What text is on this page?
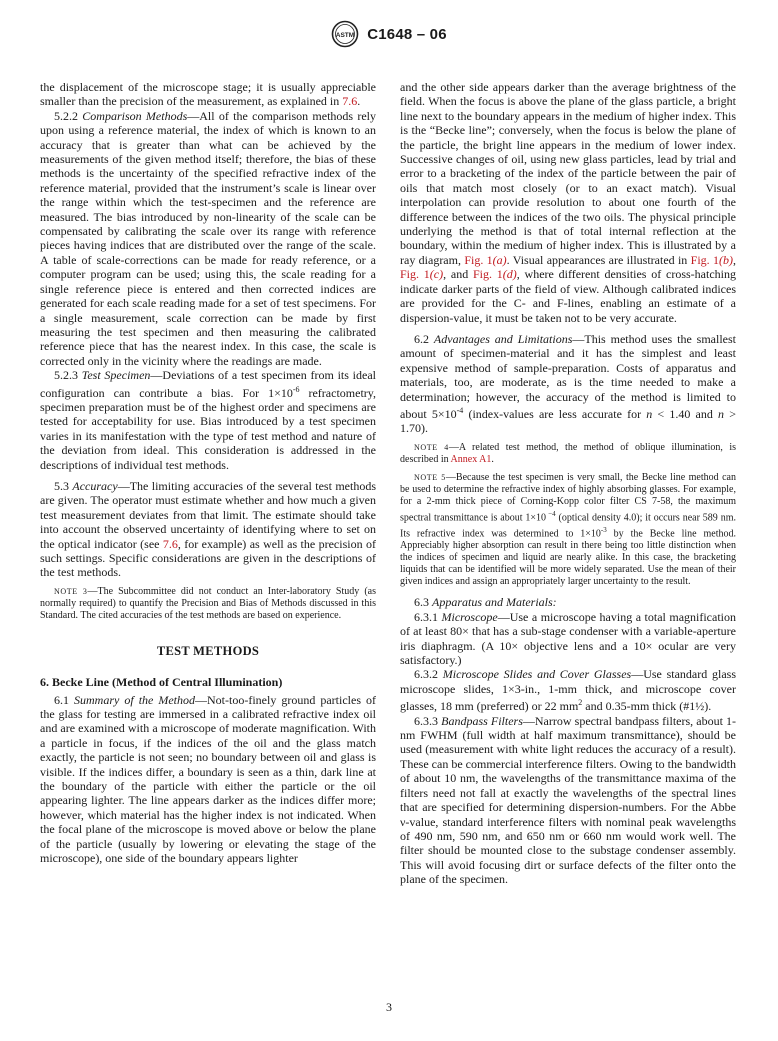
ASTM C1648 – 06

the displacement of the microscope stage; it is usually appreciable smaller than the precision of the measurement, as explained in 7.6.

5.2.2 Comparison Methods—All of the comparison methods rely upon using a reference material, the index of which is known to an accuracy that is greater than what can be achieved by the measurements of the given method itself; therefore, the bias of these methods is the uncertainty of the specified refractive index of the reference material, provided that the instrument’s scale is linear over the range within which the test-specimen and the reference are measured. The bias introduced by non-linearity of the scale can be compensated by calibrating the scale over its range with reference pieces having indices that are distributed over the range of the scale. A table of scale-corrections can be made for ready reference, or a computer program can be used; using this, the scale reading for a single reference piece is entered and then corrected indices are generated for each scale reading made for a set of test specimens. For a single measurement, scale correction can be made by first measuring the test specimen and then measuring the calibrated reference piece that has the nearest index. In this case, the scale is corrected only in the vicinity where the readings are made.

5.2.3 Test Specimen—Deviations of a test specimen from its ideal configuration can contribute a bias. For $1\times 10^{-6}$ refractometry, specimen preparation must be of the highest order and specimens are tested for acceptability for use. Bias introduced by a test specimen varies in its manifestation with the type of test method and nature of the deviation from ideal. This consideration is addressed in the descriptions of individual test methods.

5.3 Accuracy—The limiting accuracies of the several test methods are given. The operator must estimate whether and how much a given test measurement deviates from that limit. The estimate should take into account the observed uncertainty of identifying where to set on the optical indicator (see 7.6, for example) as well as the precision of such settings. Specific considerations are given in the descriptions of the test methods.

NOTE 3—The Subcommittee did not conduct an Inter-laboratory Study (as normally required) to quantify the Precision and Bias of Methods discussed in this Standard. The cited accuracies of the test methods are based on experience.

TEST METHODS

6. Becke Line (Method of Central Illumination)

6.1 Summary of the Method—Not-too-finely ground particles of the glass for testing are immersed in a calibrated refractive index oil and are examined with a microscope of moderate magnification. With a particle in focus, if the indices of the oil and the glass match exactly, the particle is not seen; no boundary between oil and glass is visible. If the indices differ, a boundary is seen as a thin, dark line at the boundary of the particle with either the particle or the oil appearing lighter. The line appears darker as the indices differ more; however, which material has the higher index is not indicated. When the focal plane of the microscope is moved above or below the plane of the particle (usually by lowering or elevating the stage of the microscope), one side of the boundary appears lighter

and the other side appears darker than the average brightness of the field. When the focus is above the plane of the glass particle, a bright line next to the boundary appears in the medium of higher index. This is the “Becke line”; conversely, when the focus is below the plane of the particle, the bright line appears in the medium of lower index. Successive changes of oil, using new glass particles, lead by trial and error to a bracketing of the index of the particle between the pair of oils that match most closely (or to an exact match). Visual interpolation can provide resolution to about one fourth of the difference between the indices of the two oils. The physical principle underlying the method is that of total internal reflection at the boundary, within the medium of higher index. This is illustrated by a ray diagram, Fig. 1(a). Visual appearances are illustrated in Fig. 1(b), Fig. 1(c), and Fig. 1(d), where different densities of cross-hatching indicate darker parts of the field of view. Although calibrated indices are provided for the C- and F-lines, enabling an estimate of a dispersion-value, it must be taken not to be very accurate.

6.2 Advantages and Limitations—This method uses the smallest amount of specimen-material and it has the simplest and least expensive method of sample-preparation. Costs of apparatus and materials, too, are moderate, as is the time needed to make a determination; however, the accuracy of the method is limited to about $5\times 10^{-4}$ (index-values are less accurate for n < 1.40 and n > 1.70).

NOTE 4—A related test method, the method of oblique illumination, is described in Annex A1.

NOTE 5—Because the test specimen is very small, the Becke line method can be used to determine the refractive index of highly absorbing glasses. For example, for a 2-mm thick piece of Corning-Kopp color filter CS 7-58, the maximum spectral transmittance is about 1×10 $^{-4}$ (optical density 4.0); it occurs near 589 nm. Its refractive index was determined to $1\times 10^{-3}$ by the Becke line method. Appreciably higher absorption can result in there being too little distinction when the indices of specimen and liquid are nearly alike. In this case, the bracketing liquids that can be identified will be more widely separated. Use the mean of their given indices and assign an appropriately larger uncertainty to the result.

6.3 Apparatus and Materials:

6.3.1 Microscope—Use a microscope having a total magnification of at least 80× that has a sub-stage condenser with a variable-aperture iris diaphragm. (A 10× objective lens and a 10× ocular are very satisfactory.)

6.3.2 Microscope Slides and Cover Glasses—Use standard glass microscope slides, 1×3-in., 1-mm thick, and microscope cover glasses, 18 mm (preferred) or 22 $mm^2$ and 0.35-mm thick (#1½).

6.3.3 Bandpass Filters—Narrow spectral bandpass filters, about 1-nm FWHM (full width at half maximum transmittance), should be used (measurement with white light reduces the accuracy of a result). These can be commercial interference filters. Owing to the bandwidth of about 10 nm, the wavelengths of the transmittance maxima of the filters need not fall at exactly the wavelengths of the spectral lines that are specified for determining dispersion-numbers. For the Abbe ν-value, standard interference filters with nominal peak wavelengths of 490 nm, 590 nm, and 650 nm or 660 nm would work well. The filter should be mounted close to the substage condenser assembly. This will avoid focusing dirt or surface defects of the filter onto the plane of the specimen.

3
